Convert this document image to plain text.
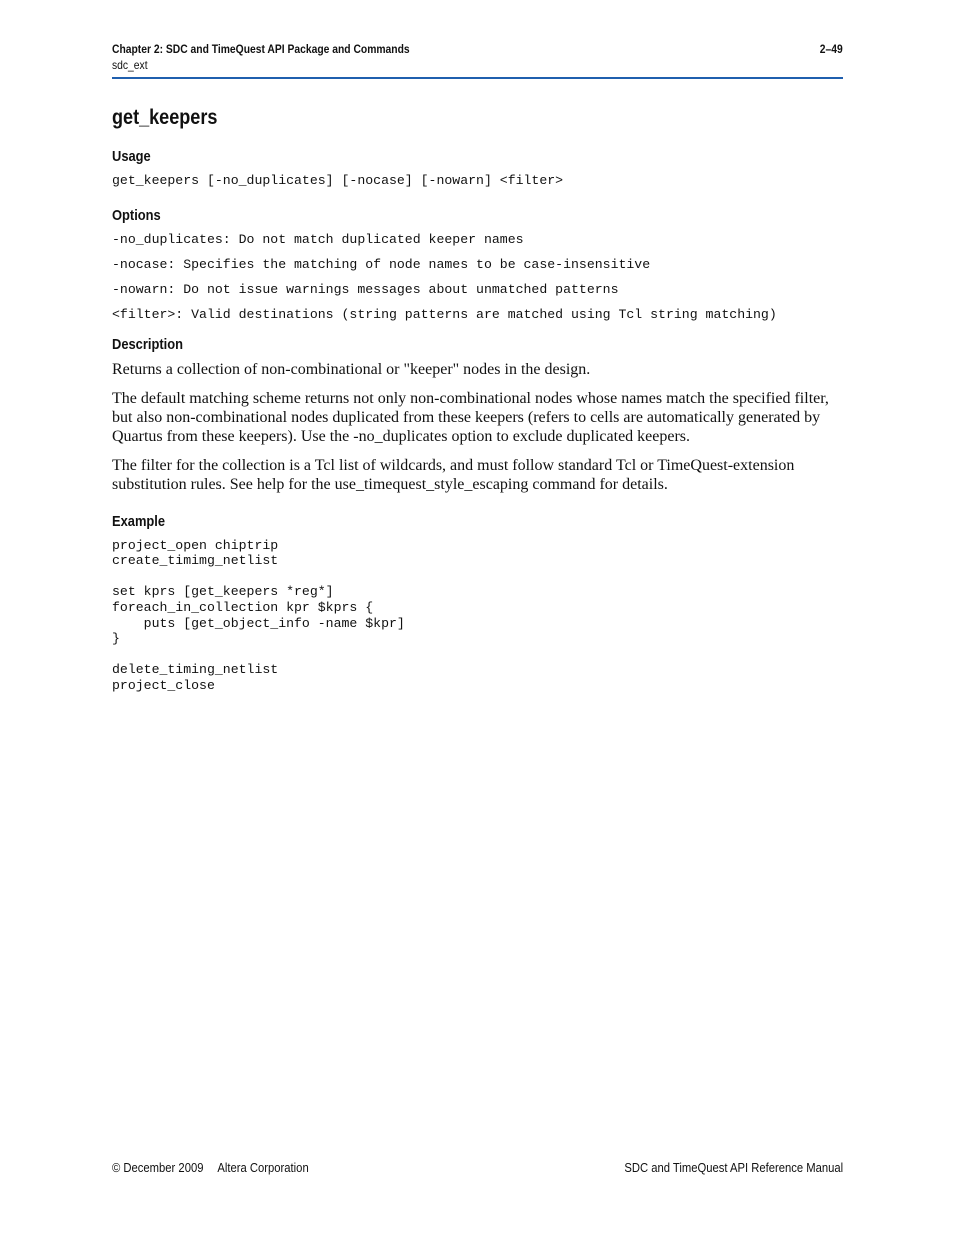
Chapter 2: SDC and TimeQuest API Package and Commands	2–49
sdc_ext
get_keepers
Usage
get_keepers [-no_duplicates] [-nocase] [-nowarn] <filter>
Options
-no_duplicates: Do not match duplicated keeper names
-nocase: Specifies the matching of node names to be case-insensitive
-nowarn: Do not issue warnings messages about unmatched patterns
<filter>: Valid destinations (string patterns are matched using Tcl string matching)
Description

Returns a collection of non-combinational or "keeper" nodes in the design.

The default matching scheme returns not only non-combinational nodes whose names match the specified filter, but also non-combinational nodes duplicated from these keepers (refers to cells are automatically generated by Quartus from these keepers). Use the -no_duplicates option to exclude duplicated keepers.

The filter for the collection is a Tcl list of wildcards, and must follow standard Tcl or TimeQuest-extension substitution rules. See help for the use_timequest_style_escaping command for details.

Example
project_open chiptrip
create_timimg_netlist

set kprs [get_keepers *reg*]
foreach_in_collection kpr $kprs {
puts [get_object_info -name $kpr]
}

delete_timing_netlist
project_close
© December 2009 Altera Corporation	SDC and TimeQuest API Reference Manual
